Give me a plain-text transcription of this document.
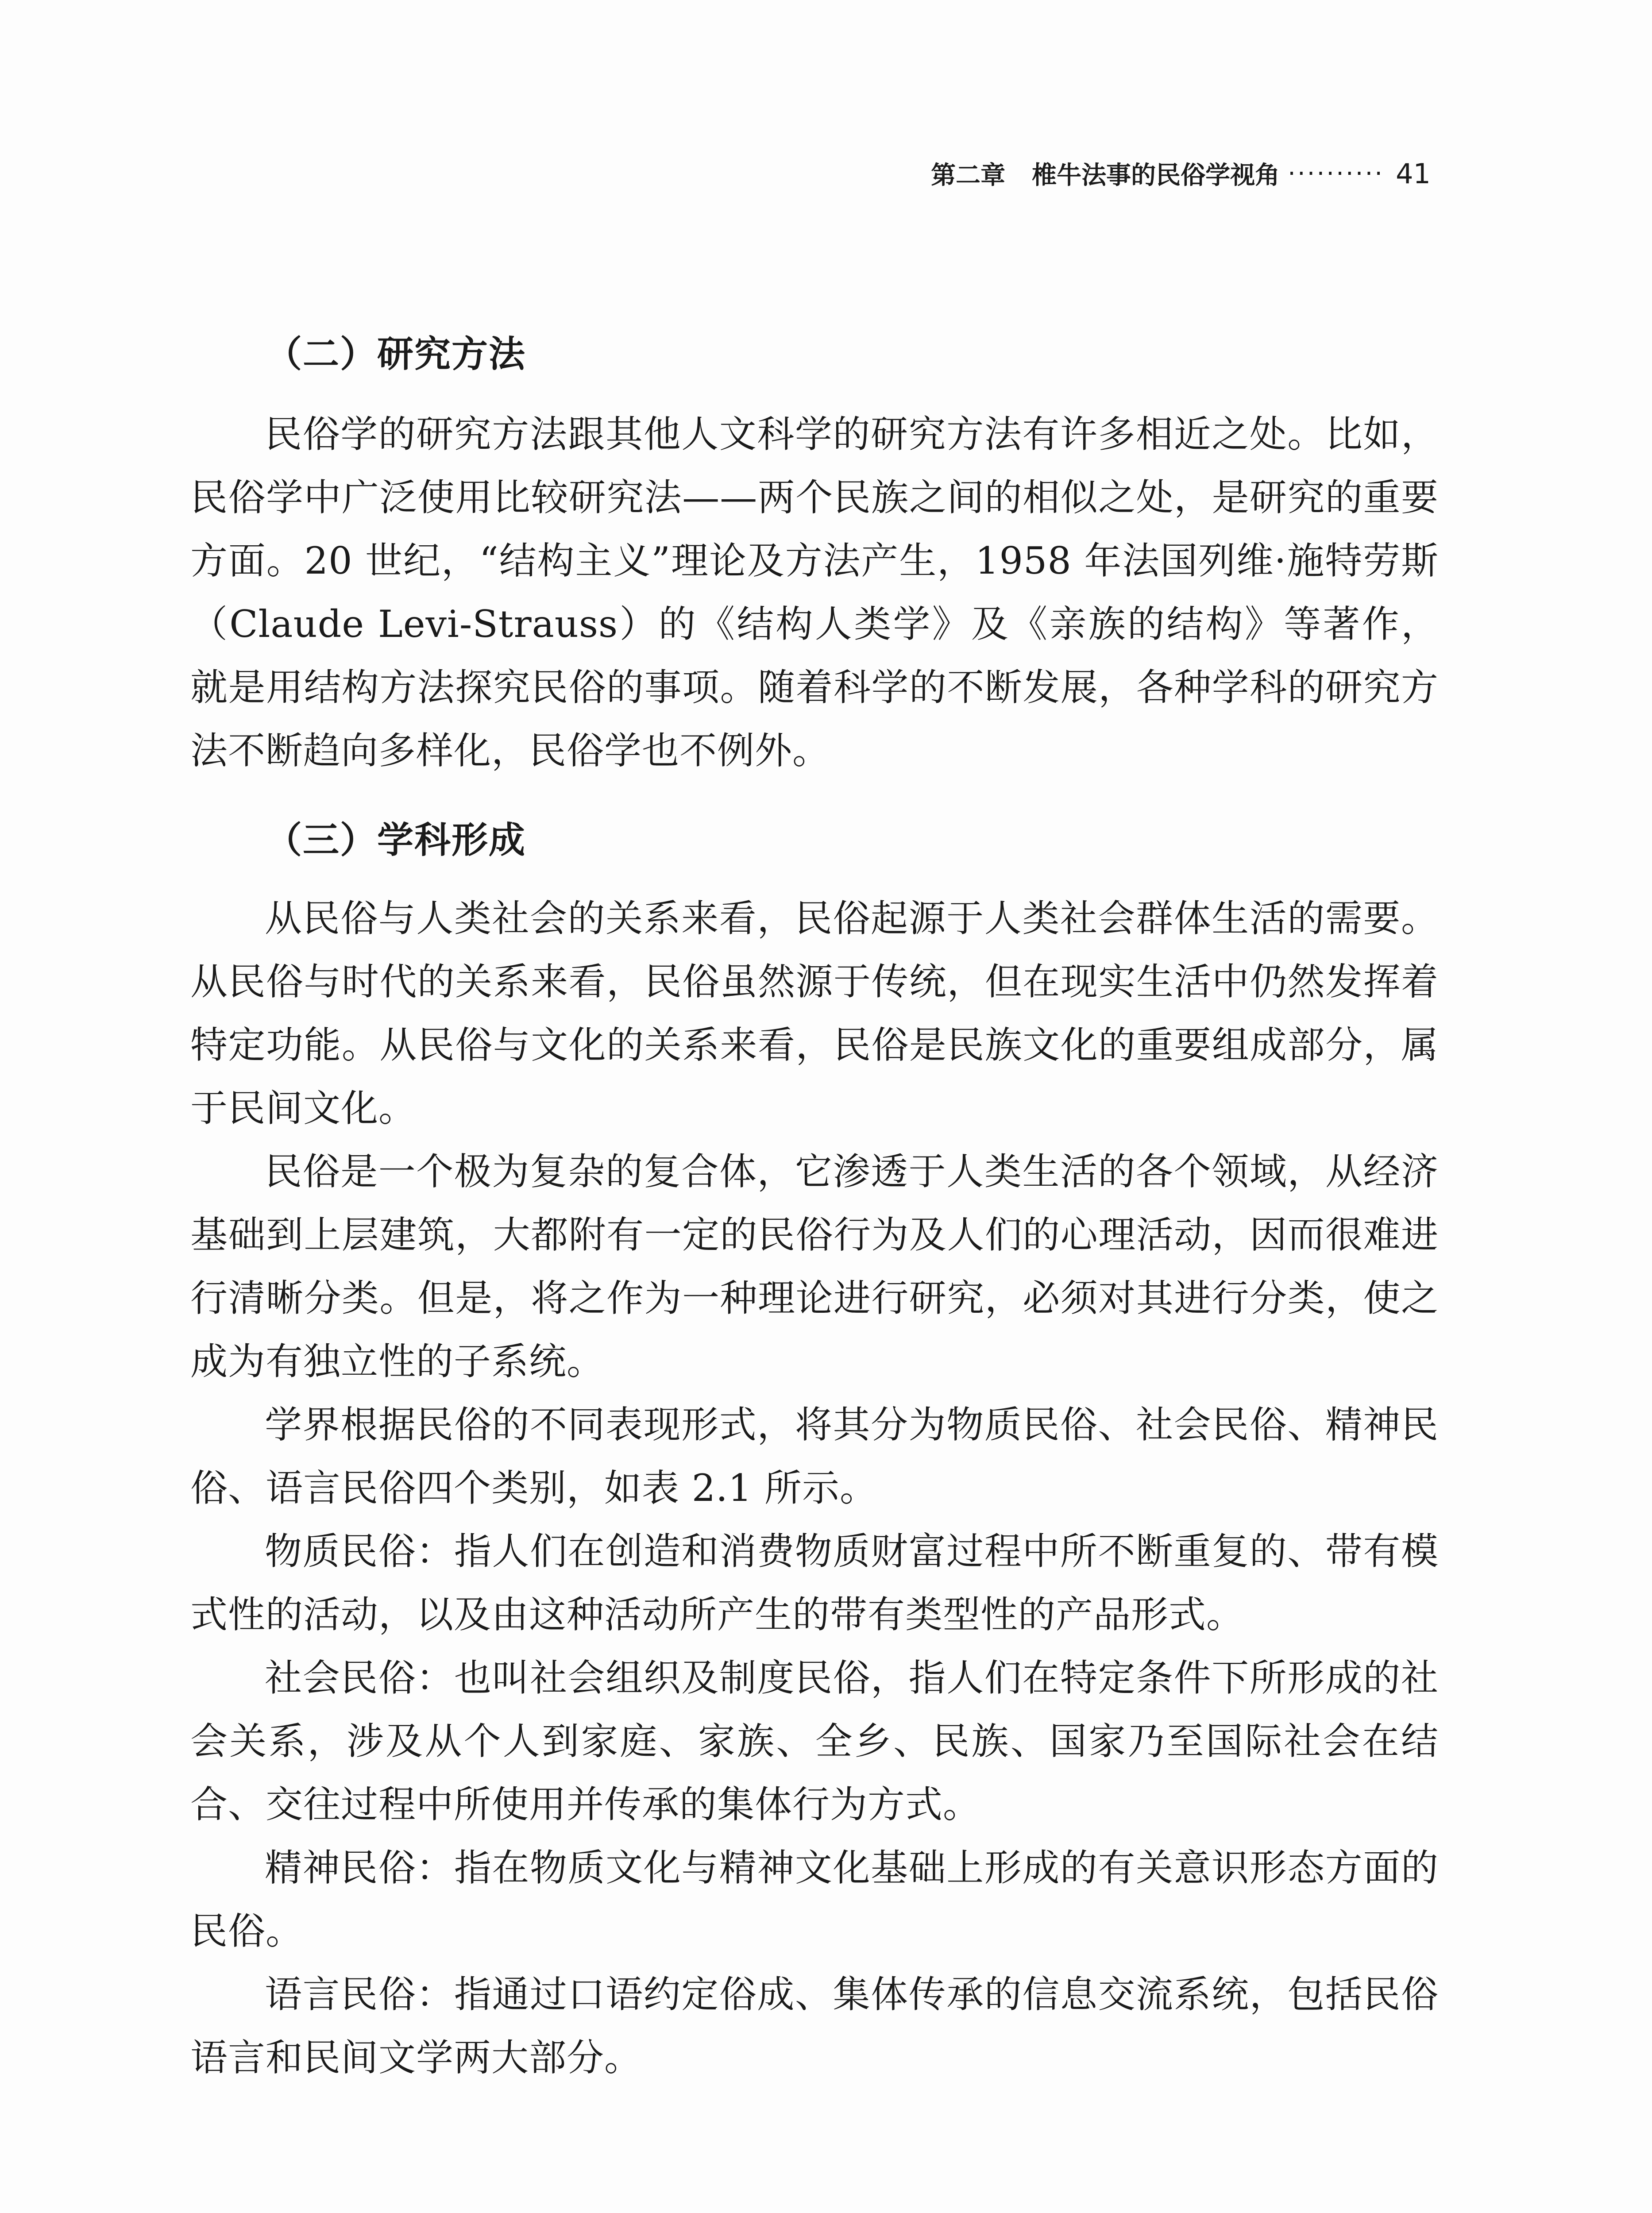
第二章 椎牛法事的民俗学视角 ·········· 41
（二）研究方法

民俗学的研究方法跟其他人文科学的研究方法有许多相近之处。比如，民俗学中广泛使用比较研究法——两个民族之间的相似之处，是研究的重要方面。20 世纪，“结构主义”理论及方法产生，1958 年法国列维·施特劳斯（Claude Levi-Strauss）的《结构人类学》及《亲族的结构》等著作，就是用结构方法探究民俗的事项。随着科学的不断发展，各种学科的研究方法不断趋向多样化，民俗学也不例外。

（三）学科形成

从民俗与人类社会的关系来看，民俗起源于人类社会群体生活的需要。从民俗与时代的关系来看，民俗虽然源于传统，但在现实生活中仍然发挥着特定功能。从民俗与文化的关系来看，民俗是民族文化的重要组成部分，属于民间文化。

民俗是一个极为复杂的复合体，它渗透于人类生活的各个领域，从经济基础到上层建筑，大都附有一定的民俗行为及人们的心理活动，因而很难进行清晰分类。但是，将之作为一种理论进行研究，必须对其进行分类，使之成为有独立性的子系统。

学界根据民俗的不同表现形式，将其分为物质民俗、社会民俗、精神民俗、语言民俗四个类别，如表 2.1 所示。

物质民俗：指人们在创造和消费物质财富过程中所不断重复的、带有模式性的活动，以及由这种活动所产生的带有类型性的产品形式。

社会民俗：也叫社会组织及制度民俗，指人们在特定条件下所形成的社会关系，涉及从个人到家庭、家族、全乡、民族、国家乃至国际社会在结合、交往过程中所使用并传承的集体行为方式。

精神民俗：指在物质文化与精神文化基础上形成的有关意识形态方面的民俗。

语言民俗：指通过口语约定俗成、集体传承的信息交流系统，包括民俗语言和民间文学两大部分。
